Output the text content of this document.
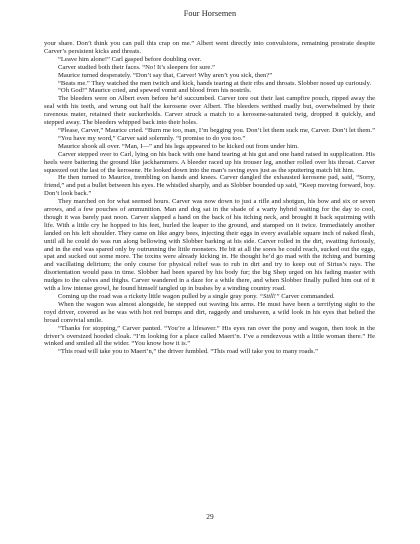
Four Horsemen

your share. Don’t think you can pull this crap on me.” Albert went directly into convulsions, remaining prostrate despite Carver’s persistent kicks and threats.

“Leave him alone!” Carl gasped before doubling over.

Carver studied both their faces. “No! It’s sleepers for sure.”

Maurice turned desperately. “Don’t say that, Carver! Why aren’t you sick, then?”

“Beats me.” They watched the men twitch and kick, hands tearing at their ribs and throats. Slobber nosed up curiously.

“Oh God!” Maurice cried, and spewed vomit and blood from his nostrils.

The bleeders were on Albert even before he’d succumbed. Carver tore out their last campfire pouch, ripped away the seal with his teeth, and wrung out half the kerosene over Albert. The bleeders writhed madly but, overwhelmed by their ravenous mater, retained their suckerholds. Carver struck a match to a kerosene-saturated twig, dropped it quickly, and stepped away. The bleeders whipped back into their holes.

“Please, Carver,” Maurice cried. “Burn me too, man, I’m begging you. Don’t let them suck me, Carver. Don’t let them.”

“You have my word,” Carver said solemnly. “I promise to do you too.”

Maurice shook all over. “Man, I—” and his legs appeared to be kicked out from under him.

Carver stepped over to Carl, lying on his back with one hand tearing at his gut and one hand raised in supplication. His heels were battering the ground like jackhammers. A bleeder raced up his trouser leg, another rolled over his throat. Carver squeezed out the last of the kerosene. He looked down into the man’s raving eyes just as the sputtering match hit him.

He then turned to Maurice, trembling on hands and knees. Carver dangled the exhausted kerosene pad, said, “Sorry, friend,” and put a bullet between his eyes. He whistled sharply, and as Slobber bounded up said, “Keep moving forward, boy. Don’t look back.”

They marched on for what seemed hours. Carver was now down to just a rifle and shotgun, his bow and six or seven arrows, and a few pouches of ammunition. Man and dog sat in the shade of a warty hybrid waiting for the day to cool, though it was barely past noon. Carver slapped a hand on the back of his itching neck, and brought it back squirming with life. With a little cry he hopped to his feet, hurled the leaper to the ground, and stamped on it twice. Immediately another landed on his left shoulder. They came on like angry bees, injecting their eggs in every available square inch of naked flesh, until all he could do was run along bellowing with Slobber barking at his side. Carver rolled in the dirt, swatting furiously, and in the end was spared only by outrunning the little monsters. He bit at all the sores he could reach, sucked out the eggs, spat and sucked out some more. The toxins were already kicking in. He thought he’d go mad with the itching and burning and vacillating delirium; the only course for physical relief was to rub in dirt and try to keep out of Sirius’s rays. The disorientation would pass in time. Slobber had been spared by his body fur; the big Shep urged on his fading master with nudges to the calves and thighs. Carver wandered in a daze for a while there, and when Slobber finally pulled him out of it with a low intense growl, he found himself tangled up in bushes by a winding country road.

Coming up the road was a rickety little wagon pulled by a single gray pony. “Still!” Carver commanded.

When the wagon was almost alongside, he stepped out waving his arms. He must have been a terrifying sight to the royd driver, covered as he was with hot red bumps and dirt, raggedy and unshaven, a wild look in his eyes that belied the broad convivial smile.

“Thanks for stopping,” Carver panted. “You’re a lifesaver.” His eyes ran over the pony and wagon, then took in the driver’s oversized hooded cloak. “I’m looking for a place called Maert’n. I’ve a rendezvous with a little woman there.” He winked and smiled all the wider. “You know how it is.”

“This road will take you to Maert’n,” the driver fumbled. “This road will take you to many roads.”

29
